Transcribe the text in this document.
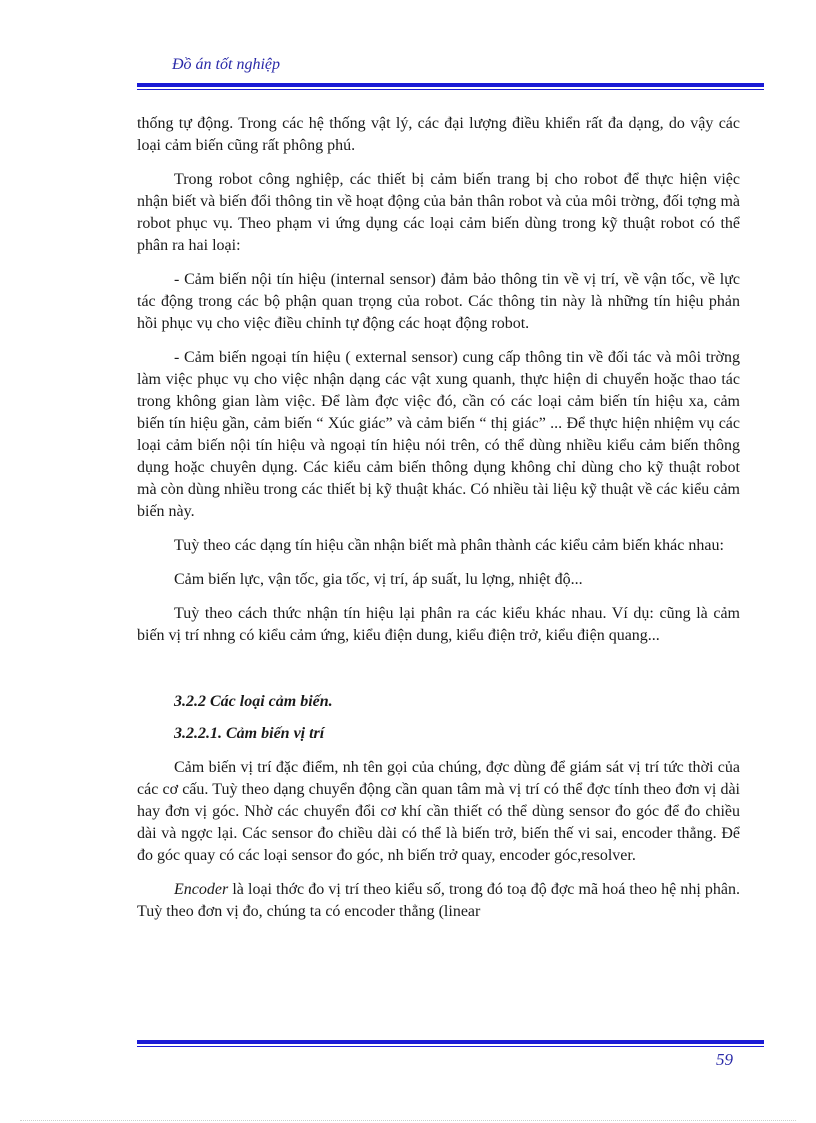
Đồ án tốt nghiệp

thống tự động. Trong các hệ thống vật lý, các đại lượng điều khiển rất đa dạng, do vậy các loại cảm biến cũng rất phông phú.

Trong robot công nghiệp, các thiết bị cảm biến trang bị cho robot để thực hiện việc nhận biết và biến đổi thông tin về hoạt động của bản thân robot và của môi trờng, đối tợng mà robot phục vụ. Theo phạm vi ứng dụng các loại cảm biến dùng trong kỹ thuật robot có thể phân ra hai loại:

- Cảm biến nội tín hiệu (internal sensor) đảm bảo thông tin về vị trí, về vận tốc, về lực tác động trong các bộ phận quan trọng của robot. Các thông tin này là những tín hiệu phản hồi phục vụ cho việc điều chỉnh tự động các hoạt động robot.

- Cảm biến ngoại tín hiệu ( external sensor) cung cấp thông tin về đối tác và môi trờng làm việc phục vụ cho việc nhận dạng các vật xung quanh, thực hiện di chuyển hoặc thao tác trong không gian làm việc. Để làm đợc việc đó, cần có các loại cảm biến tín hiệu xa, cảm biến tín hiệu gần, cảm biến “ Xúc giác” và cảm biến “ thị giác” ... Để thực hiện nhiệm vụ các loại cảm biến nội tín hiệu và ngoại tín hiệu nói trên, có thể dùng nhiều kiểu cảm biến thông dụng hoặc chuyên dụng. Các kiểu cảm biến thông dụng không chỉ dùng cho kỹ thuật robot mà còn dùng nhiều trong các thiết bị kỹ thuật khác. Có nhiều tài liệu kỹ thuật về các kiểu cảm biến này.

Tuỳ theo các dạng tín hiệu cần nhận biết mà phân thành các kiểu cảm biến khác nhau:

Cảm biến lực, vận tốc, gia tốc, vị trí, áp suất, lu lợng, nhiệt độ...

Tuỳ theo cách thức nhận tín hiệu lại phân ra các kiểu khác nhau. Ví dụ: cũng là cảm biến vị trí nhng có kiểu cảm ứng, kiểu điện dung, kiểu điện trở, kiểu điện quang...

3.2.2 Các loại cảm biến.

3.2.2.1. Cảm biến vị trí

Cảm biến vị trí đặc điểm, nh tên gọi của chúng, đợc dùng để giám sát vị trí tức thời của các cơ cấu. Tuỳ theo dạng chuyển động cần quan tâm mà vị trí có thể đợc tính theo đơn vị dài hay đơn vị góc. Nhờ các chuyển đổi cơ khí cần thiết có thể dùng sensor đo góc để đo chiều dài và ngợc lại. Các sensor đo chiều dài có thể là biến trở, biến thế vi sai, encoder thẳng. Để đo góc quay có các loại sensor đo góc, nh biến trở quay, encoder góc,resolver.

Encoder là loại thớc đo vị trí theo kiểu số, trong đó toạ độ đợc mã hoá theo hệ nhị phân. Tuỳ theo đơn vị đo, chúng ta có encoder thẳng (linear

59
